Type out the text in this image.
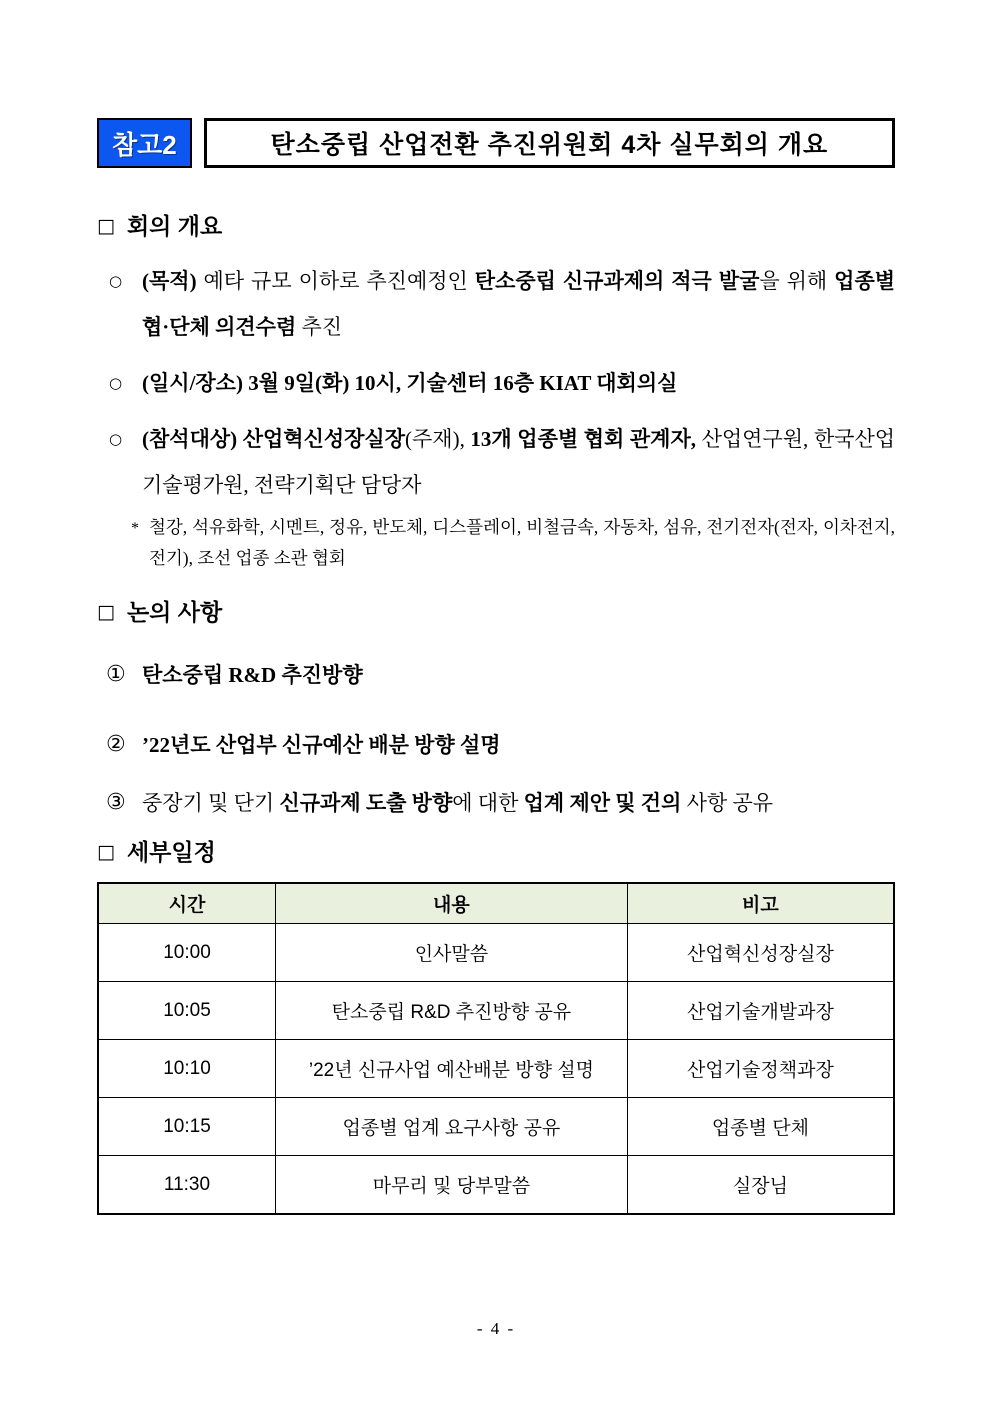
참고2	탄소중립 산업전환 추진위원회 4차 실무회의 개요
□ 회의 개요

○ (목적) 예타 규모 이하로 추진예정인 탄소중립 신규과제의 적극 발굴을 위해 업종별 협·단체 의견수렴 추진

○ (일시/장소) 3월 9일(화) 10시, 기술센터 16층 KIAT 대회의실

○ (참석대상) 산업혁신성장실장(주재), 13개 업종별 협회 관계자, 산업연구원, 한국산업기술평가원, 전략기획단 담당자

* 철강, 석유화학, 시멘트, 정유, 반도체, 디스플레이, 비철금속, 자동차, 섬유, 전기전자(전자, 이차전지, 전기), 조선 업종 소관 협회

□ 논의 사항

① 탄소중립 R&D 추진방향

② ’22년도 산업부 신규예산 배분 방향 설명

③ 중장기 및 단기 신규과제 도출 방향에 대한 업계 제안 및 건의 사항 공유

□ 세부일정
시간	내용	비고
10:00	인사말씀	산업혁신성장실장
10:05	탄소중립 R&D 추진방향 공유	산업기술개발과장
10:10	’22년 신규사업 예산배분 방향 설명	산업기술정책과장
10:15	업종별 업계 요구사항 공유	업종별 단체
11:30	마무리 및 당부말씀	실장님
- 4 -
